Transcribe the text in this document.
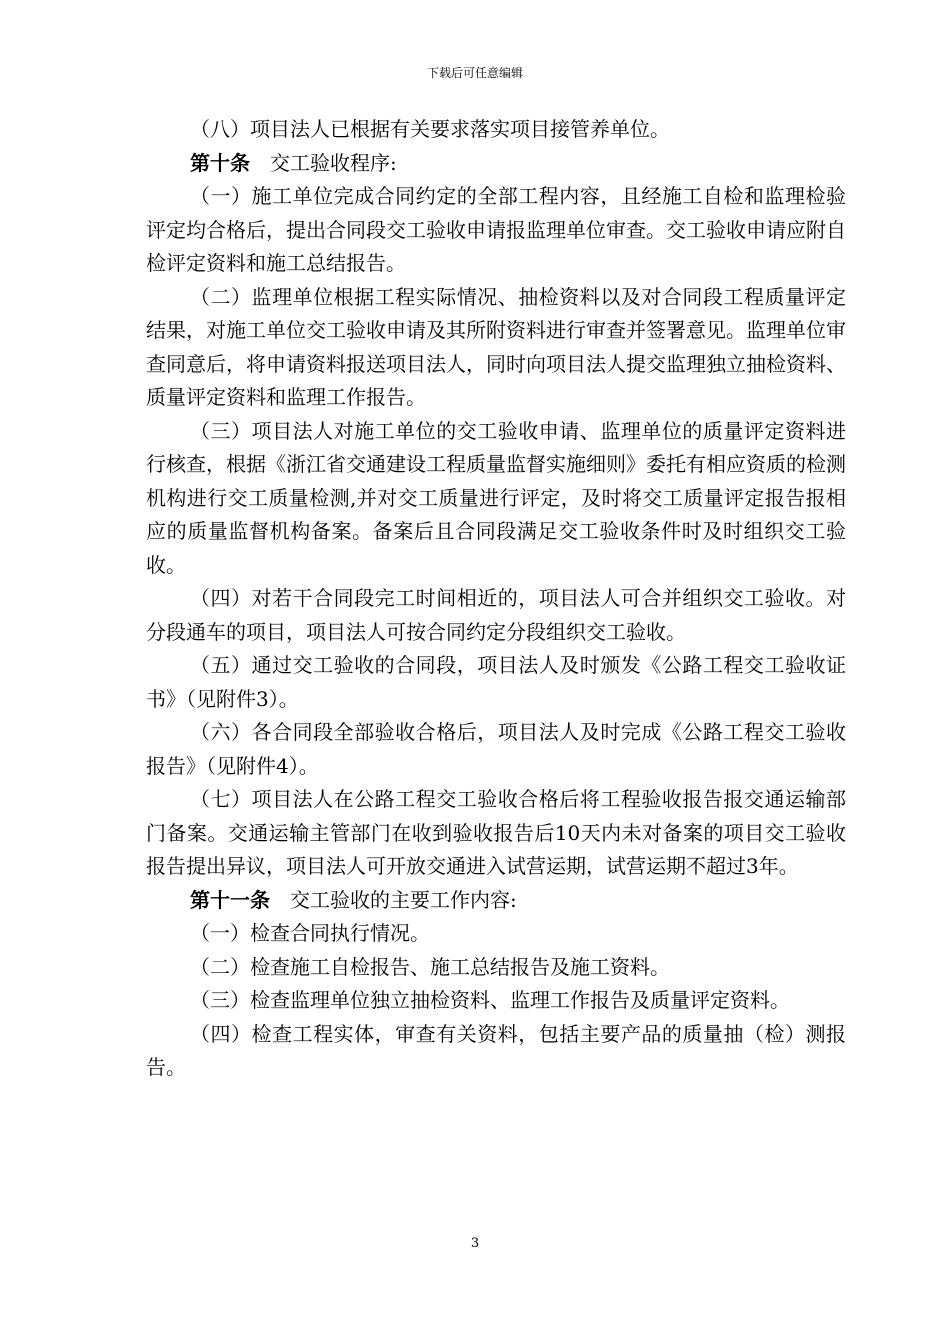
下载后可任意编辑

（八）项目法人已根据有关要求落实项目接管养单位。

第十条 交工验收程序:

（一）施工单位完成合同约定的全部工程内容，且经施工自检和监理检验评定均合格后，提出合同段交工验收申请报监理单位审查。交工验收申请应附自检评定资料和施工总结报告。

（二）监理单位根据工程实际情况、抽检资料以及对合同段工程质量评定结果，对施工单位交工验收申请及其所附资料进行审查并签署意见。监理单位审查同意后，将申请资料报送项目法人，同时向项目法人提交监理独立抽检资料、质量评定资料和监理工作报告。

（三）项目法人对施工单位的交工验收申请、监理单位的质量评定资料进行核查，根据《浙江省交通建设工程质量监督实施细则》委托有相应资质的检测机构进行交工质量检测,并对交工质量进行评定，及时将交工质量评定报告报相应的质量监督机构备案。备案后且合同段满足交工验收条件时及时组织交工验收。

（四）对若干合同段完工时间相近的，项目法人可合并组织交工验收。对分段通车的项目，项目法人可按合同约定分段组织交工验收。

（五）通过交工验收的合同段，项目法人及时颁发《公路工程交工验收证书》（见附件3）。

（六）各合同段全部验收合格后，项目法人及时完成《公路工程交工验收报告》（见附件4）。

（七）项目法人在公路工程交工验收合格后将工程验收报告报交通运输部门备案。交通运输主管部门在收到验收报告后10天内未对备案的项目交工验收报告提出异议，项目法人可开放交通进入试营运期，试营运期不超过3年。

第十一条 交工验收的主要工作内容:

（一）检查合同执行情况。

（二）检查施工自检报告、施工总结报告及施工资料。

（三）检查监理单位独立抽检资料、监理工作报告及质量评定资料。

（四）检查工程实体，审查有关资料，包括主要产品的质量抽（检）测报告。

3
